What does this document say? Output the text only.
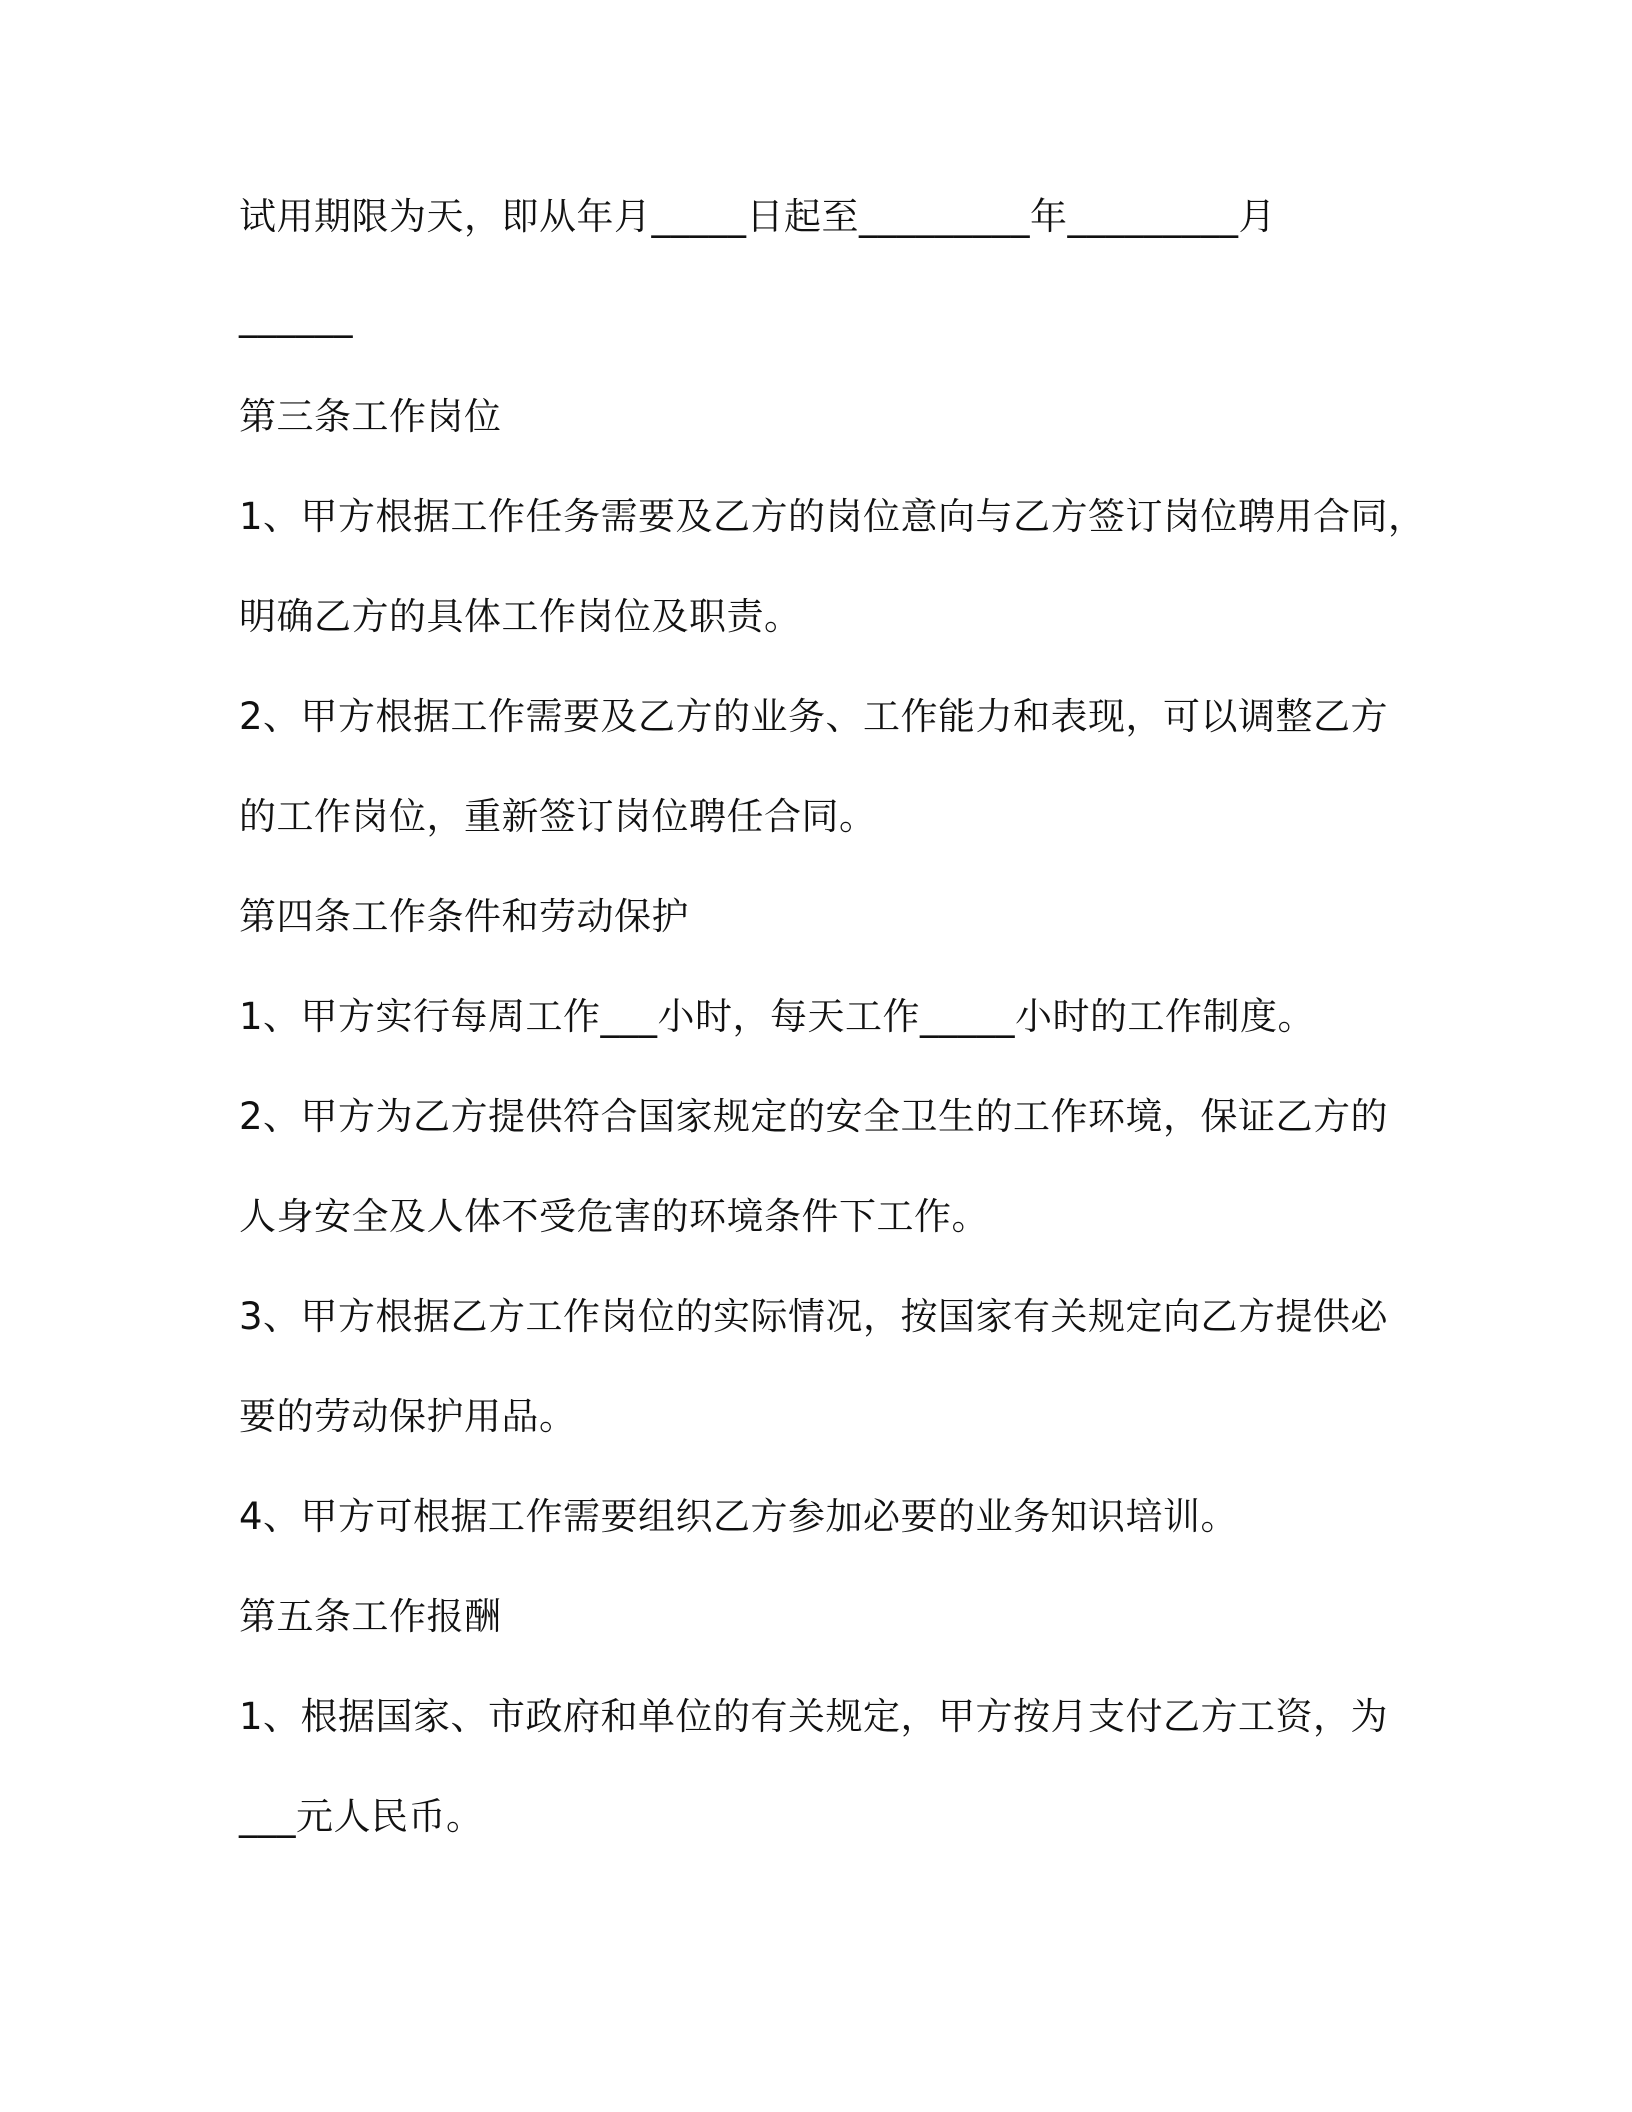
试用期限为天，即从年月_____日起至_________年_________月
______
第三条工作岗位
1、甲方根据工作任务需要及乙方的岗位意向与乙方签订岗位聘用合同，
明确乙方的具体工作岗位及职责。
2、甲方根据工作需要及乙方的业务、工作能力和表现，可以调整乙方
的工作岗位，重新签订岗位聘任合同。
第四条工作条件和劳动保护
1、甲方实行每周工作___小时，每天工作_____小时的工作制度。
2、甲方为乙方提供符合国家规定的安全卫生的工作环境，保证乙方的
人身安全及人体不受危害的环境条件下工作。
3、甲方根据乙方工作岗位的实际情况，按国家有关规定向乙方提供必
要的劳动保护用品。
4、甲方可根据工作需要组织乙方参加必要的业务知识培训。
第五条工作报酬
1、根据国家、市政府和单位的有关规定，甲方按月支付乙方工资，为
___元人民币。
